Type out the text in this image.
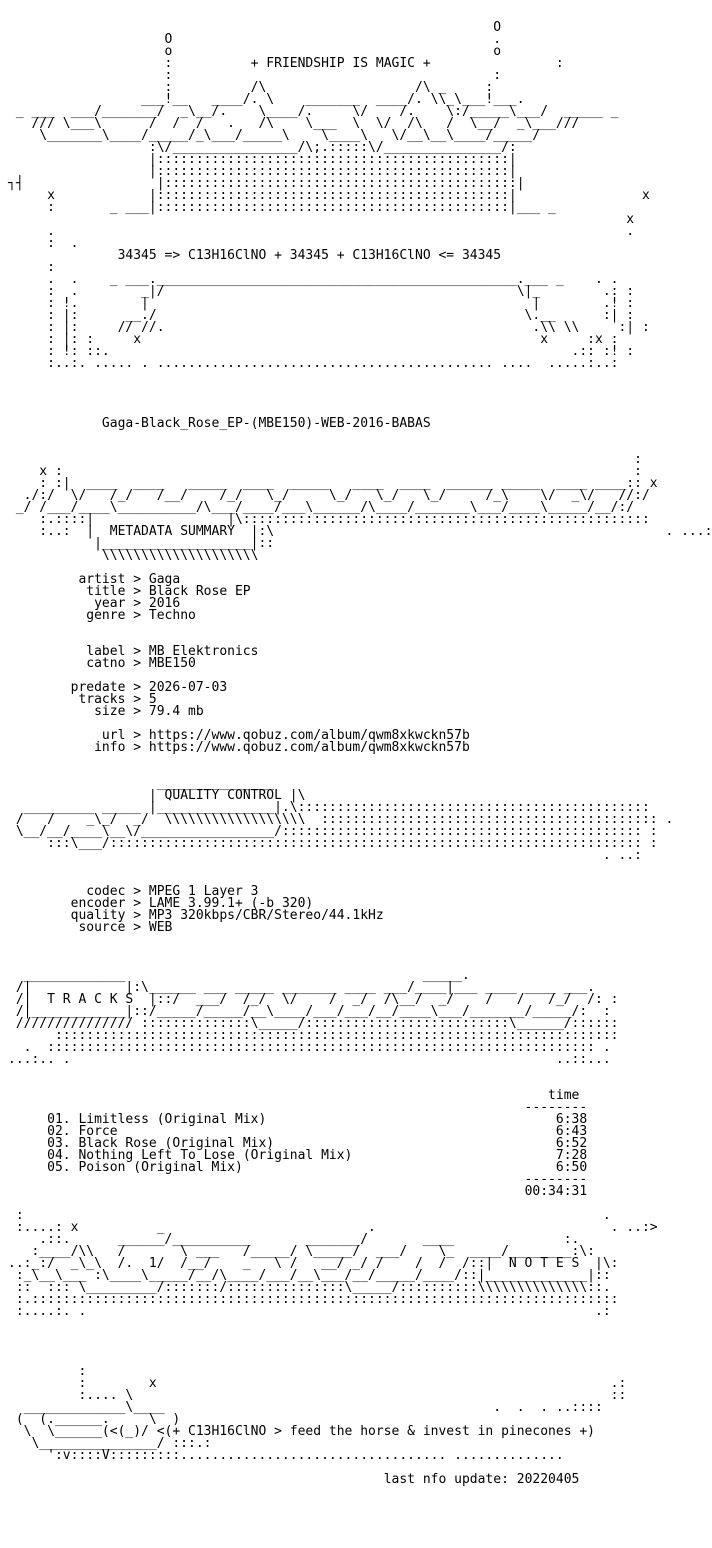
O
O                                         .
o                                         o

:          + FRIENDSHIP IS MAGIC +                :

:                                         :
:          /\                   /\ _     :
___!__   ____/. \    _______  ____/. \\_\___!___.
_ ___  ___/_______/  _\__/.    \____/.     \/    /.    \:/_____\___/  _____ _
/// \___\      /  /  /   .   /\    \___  \  \/  /\   /  \__/  _\___///
\_______\____/_____/_\___/_____\    \____\   \/__\__\____/_____/
:\/________________/\;.:::::\/_______________/:
|:::::::::::::::::::::::::::::::::::::::::::::|
|:::::::::::::::::::::::::::::::::::::::::::::|
┐┤                 |:::::::::::::::::::::::::::::::::::::::::::::|
x            |:::::::::::::::::::::::::::::::::::::::::::::|                x
:       _ ___|:::::::::::::::::::::::::::::::::::::::::::::|___ _
x
.                                                                         .
:  .

34345 => C13H16ClNO + 34345 + C13H16ClNO <= 34345

:
.  .    _ ___.______________________________________________.___ _    . .
:  .        _|/                                             \|_        .: :
: !.        |                                                 |        .! :
: |:      __./                                               \.__      :| :
: |:     // //.                                               .\\ \\     :| :
: |: :     x                                                   x     :x :
: !: ::.                                                           .:: :! :
:..:. ..... . ........................................... ....  .....:..:

Gaga-Black_Rose_EP-(MBE150)-WEB-2016-BABAS

:
x :                                                                         :
: :|  ____  ____   _____  ____  _____   ____  ____  ______ _____  ____ ____:: x
./:/  \/   /_/   /__/    /_/   \_/     \_/   \_/   \_/     /_\    \/  _\/   //:/
_/ /___/____\__________/\___/____/___\______/\____/_______\___/____\_____/__/:/
:.::::|                 |\::::::::::::::::::::::::::::::::::::::::::::::::::::

:..:  |  METADATA SUMMARY  |:\                                                  . ...:

|___________________|::
\\\\\\\\\\\\\\\\\\\\

artist > Gaga
title > Black Rose EP
year > 2016
genre > Techno

label > MB Elektronics
catno > MBE150

predate > 2026-07-03
tracks > 5
size > 79.4 mb

url > https://www.qobuz.com/album/qwm8xkwckn57b
info > https://www.qobuz.com/album/qwm8xkwckn57b

_______________

| QUALITY CONTROL |\

_________ _____ |_______________|.\:::::::::::::::::::::::::::::::::::::::::::::
/   /    _\_/  _/  \\\\\\\\\\\\\\\\\\  ::::::::::::::::::::::::::::::::::::::::::: .
\__/__/____\__\/_________________/:::::::::::::::::::::::::::::::::::::::::::::: :
:::\___/:::::::::::::::::::::::::::::::::::::::::::::::::::::::::::::::::::: :
. ..:

codec > MPEG 1 Layer 3
encoder > LAME 3.99.1+ (-b 320)
quality > MP3 320kbps/CBR/Stereo/44.1kHz
source > WEB

_____________                                      _____.
/|            |:\______ ___ _____ _______ ____ ___/____|___ ____ ____ ___.

/|  T R A C K S  |::/  ___/  /_/  \/    /  _/  /\__/  _/    /   /   /_/  /: :

/|____________|::/_____/_____/__\____/___/___/__/____\___/_______/_____/:  :
/////////////// ::::::::::::::\_____/::::::::::::::::::::::::::\______/::::::
::::::::::::::::::::::::::::::::::::::::::::::::::::::::::::::::::::::::
.  :::::::::::::::::::::::::::::::::::::::::::::::::::::::::::::::::::::: .
...:.. .                                                              ..::...

time
--------
01. Limitless (Original Mix)	6:38
02. Force	6:43
03. Black Rose (Original Mix)	6:52
04. Nothing Left To Lose (Original Mix)	7:28
05. Poison (Original Mix)	6:50
--------
00:34:31

:                                                                          .
:....: x          _                          .                              . ..:>
.::.      ______/__________       _______/       ____              :.
:____/\\   /       \ ___   /_____/ \_____/  ___/    \_  ____/________:\:

..:_:/  _\_\  /.  1/  /__/    _   \ /   __/ _/ /    /  /  /::|  N O T E S  |\:

:_\__\___ :\____\_____/__/\____/___/__\___/__/_____/____/::|_____________|::
::  ::: \_________/:::::::/:::::::::::::::\_____/::::::::::\\\\\\\\\\\\\\::.
:.:::::::::::::::::::::::::::::::::::::::::::::::::::::::::::::::::::::::::::
:....:. .                                                                 .:

:
:        x                                                          .:
:.... \                                                             ::
_____________\____                                          .  .  . ..::::
(  (.______.     \  )

\  \______(<(_)/ <(+ C13H16ClNO > feed the horse & invest in pinecones +)

\_______________/ :::.:
':v::::V:::::::::.................................. ..............

last nfo update: 20220405
